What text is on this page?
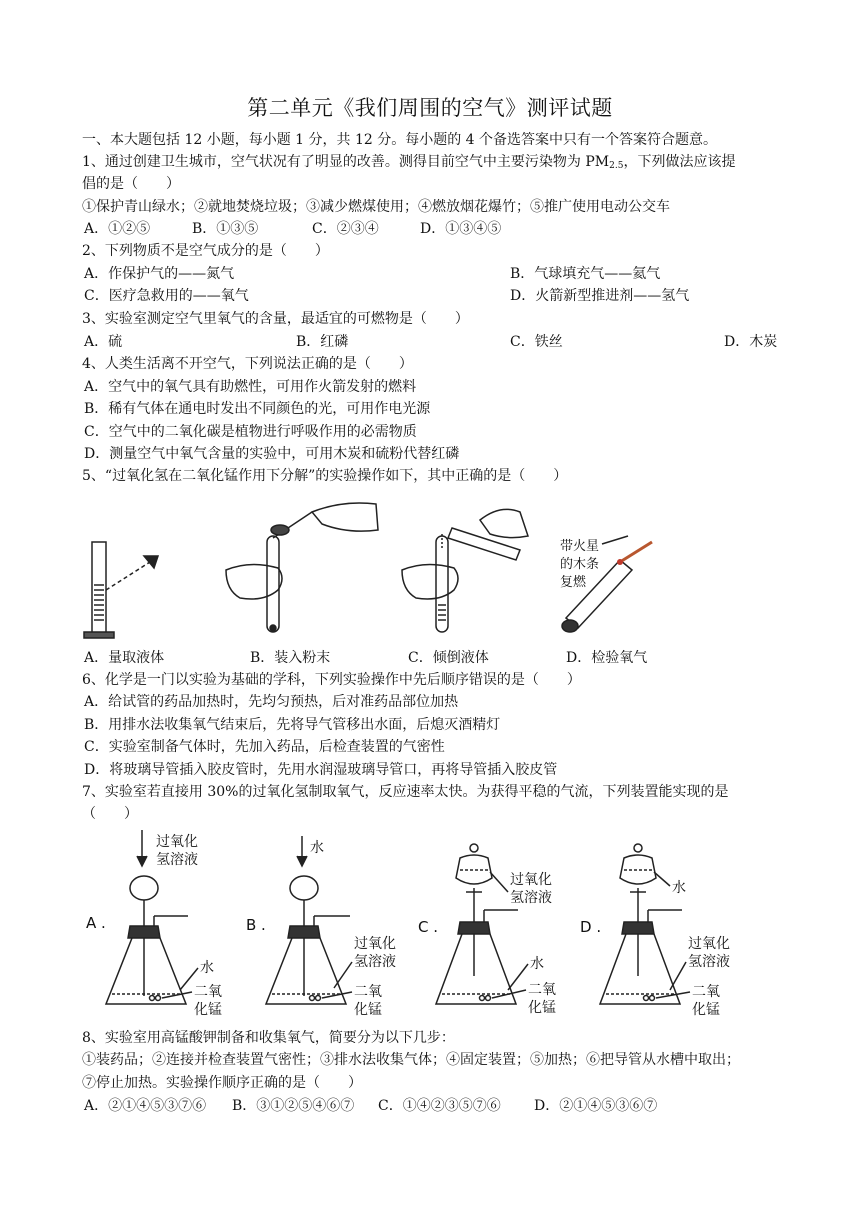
第二单元《我们周围的空气》测评试题
一、本大题包括 12 小题，每小题 1 分，共 12 分。每小题的 4 个备选答案中只有一个答案符合题意。
1、通过创建卫生城市，空气状况有了明显的改善。测得目前空气中主要污染物为 $PM_{2.5}$，下列做法应该提
倡的是（　　）
①保护青山绿水；②就地焚烧垃圾；③减少燃煤使用；④燃放烟花爆竹；⑤推广使用电动公交车
A．①②⑤	B．①③⑤	C．②③④	D．①③④⑤
2、下列物质不是空气成分的是（　　）
A．作保护气的——氮气	B．气球填充气——氦气
C．医疗急救用的——氧气	D．火箭新型推进剂——氢气
3、实验室测定空气里氧气的含量，最适宜的可燃物是（　　）
A．硫	B．红磷	C．铁丝	D．木炭
4、人类生活离不开空气，下列说法正确的是（　　）
A．空气中的氧气具有助燃性，可用作火箭发射的燃料
B．稀有气体在通电时发出不同颜色的光，可用作电光源
C．空气中的二氧化碳是植物进行呼吸作用的必需物质
D．测量空气中氧气含量的实验中，可用木炭和硫粉代替红磷
5、“过氧化氢在二氧化锰作用下分解”的实验操作如下，其中正确的是（　　）
带火星
的木条
复燃
A．量取液体	B．装入粉末	C．倾倒液体	D．检验氧气
6、化学是一门以实验为基础的学科，下列实验操作中先后顺序错误的是（　　）
A．给试管的药品加热时，先均匀预热，后对准药品部位加热
B．用排水法收集氧气结束后，先将导气管移出水面，后熄灭酒精灯
C．实验室制备气体时，先加入药品，后检查装置的气密性
D．将玻璃导管插入胶皮管时，先用水润湿玻璃导管口，再将导管插入胶皮管
7、实验室若直接用 30%的过氧化氢制取氧气，反应速率太快。为获得平稳的气流，下列装置能实现的是
（　　）
A .	B .	C .	D .
过氧化
氢溶液
水
二氧
化锰
水
过氧化
氢溶液
二氧
化锰
过氧化
氢溶液
水
二氧
化锰
水
过氧化
氢溶液
二氧
化锰
8、实验室用高锰酸钾制备和收集氧气，简要分为以下几步：
①装药品；②连接并检查装置气密性；③排水法收集气体；④固定装置；⑤加热；⑥把导管从水槽中取出；
⑦停止加热。实验操作顺序正确的是（　　）
A．②①④⑤③⑦⑥ B．③①②⑤④⑥⑦ C．①④②③⑤⑦⑥ D．②①④⑤③⑥⑦
